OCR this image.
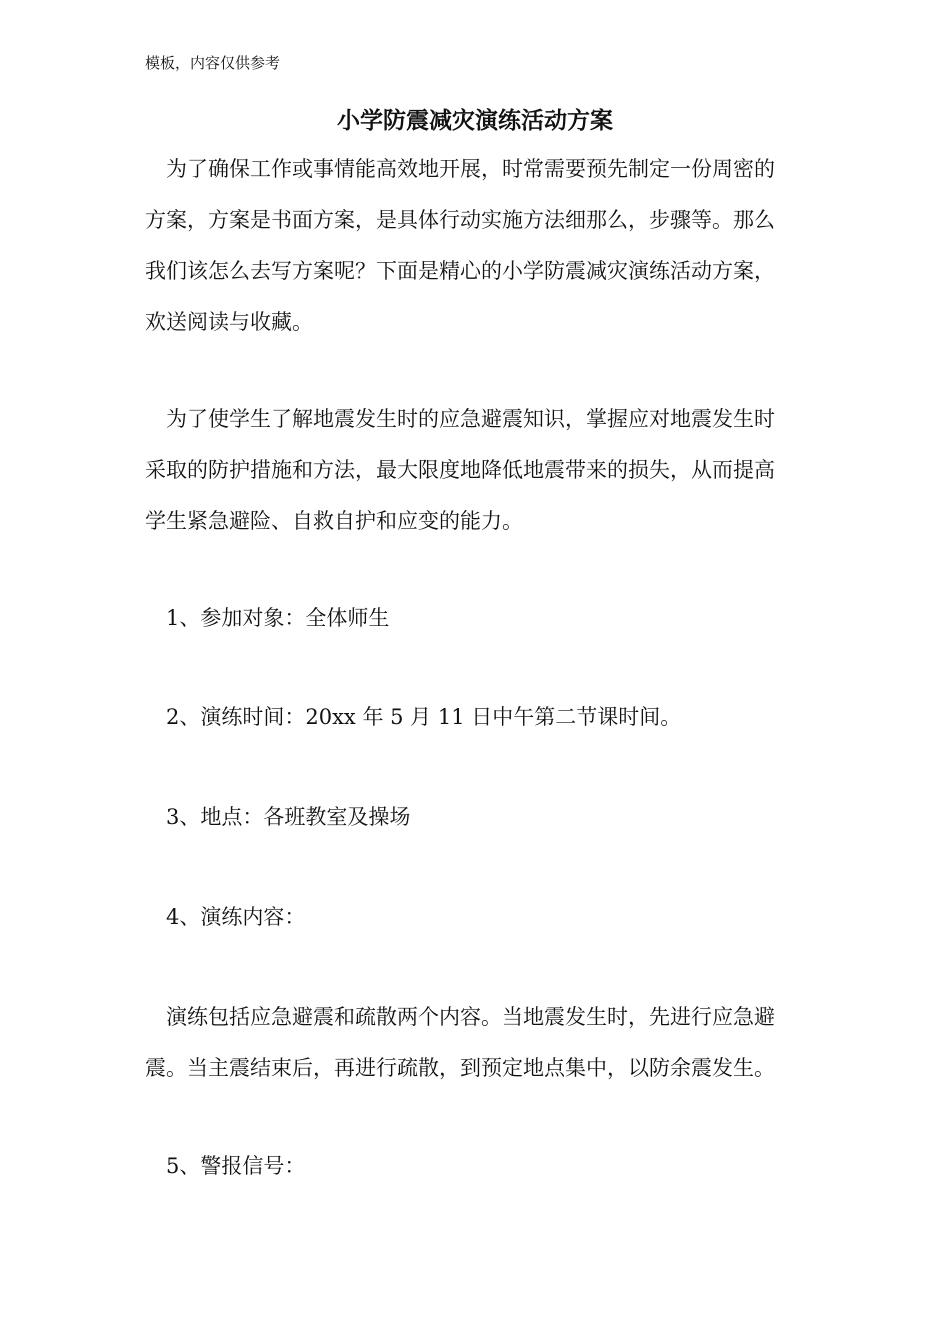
模板，内容仅供参考
小学防震减灾演练活动方案
为了确保工作或事情能高效地开展，时常需要预先制定一份周密的
方案，方案是书面方案，是具体行动实施方法细那么，步骤等。那么
我们该怎么去写方案呢？下面是精心的小学防震减灾演练活动方案，
欢送阅读与收藏。
为了使学生了解地震发生时的应急避震知识，掌握应对地震发生时
采取的防护措施和方法，最大限度地降低地震带来的损失，从而提高
学生紧急避险、自救自护和应变的能力。
1、参加对象：全体师生
2、演练时间：20xx 年 5 月 11 日中午第二节课时间。
3、地点：各班教室及操场
4、演练内容：
演练包括应急避震和疏散两个内容。当地震发生时，先进行应急避
震。当主震结束后，再进行疏散，到预定地点集中，以防余震发生。
5、警报信号：
